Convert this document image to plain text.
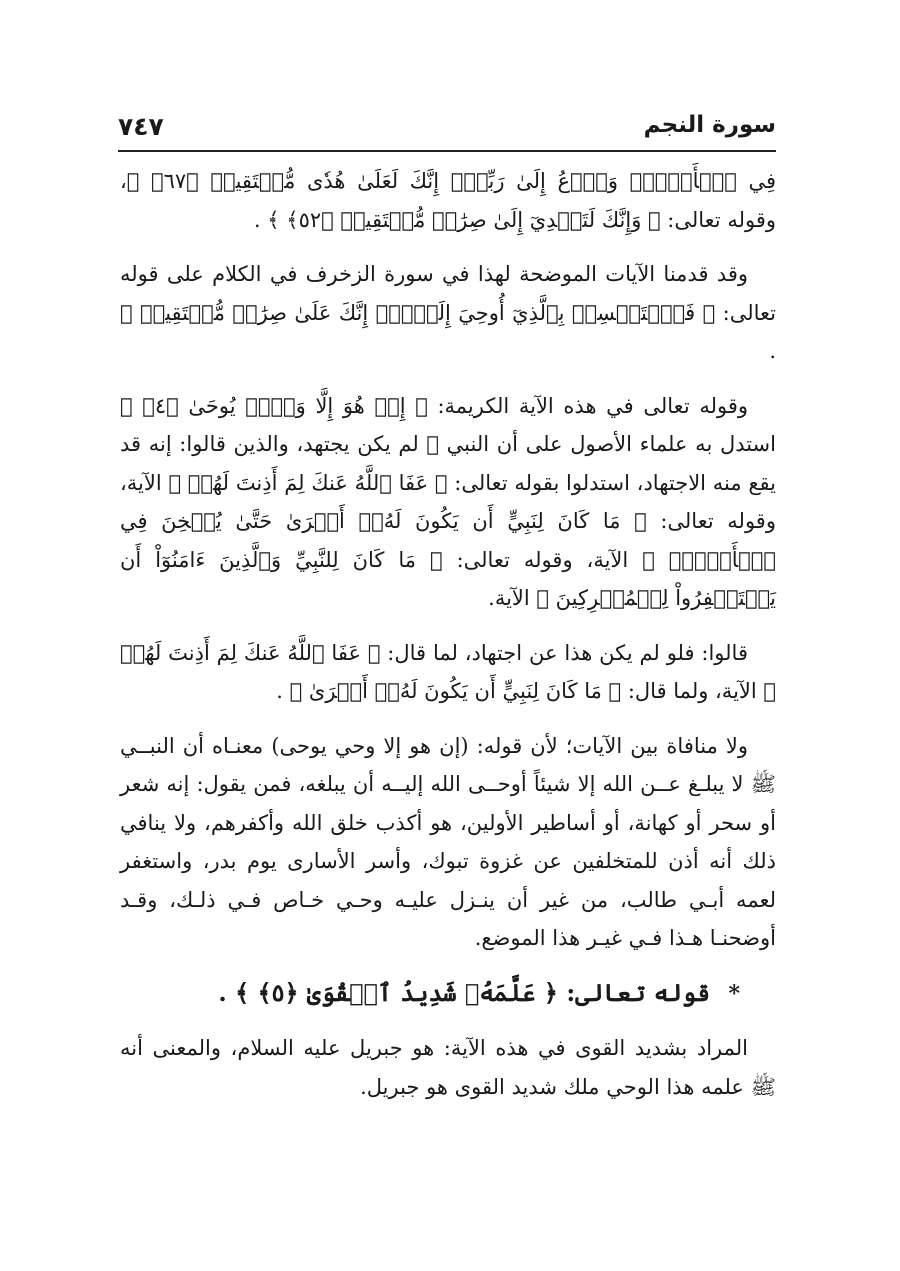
سورة النجم
٧٤٧

فِي ٱلۡأَمۡرِۖ وَٱدۡعُ إِلَىٰ رَبِّكَۖ إِنَّكَ لَعَلَىٰ هُدٗى مُّسۡتَقِيمٖ ﴿٦٧﴾ ﴾، وقوله تعالى: ﴿ وَإِنَّكَ لَتَهۡدِيٓ إِلَىٰ صِرَٰطٖ مُّسۡتَقِيمٖ ﴿٥٢﴾ ﴾ .

وقد قدمنا الآيات الموضحة لهذا في سورة الزخرف في الكلام على قوله تعالى: ﴿ فَٱسۡتَمۡسِكۡ بِٱلَّذِيٓ أُوحِيَ إِلَيۡكَۖ إِنَّكَ عَلَىٰ صِرَٰطٖ مُّسۡتَقِيمٖ ﴾ .

وقوله تعالى في هذه الآية الكريمة: ﴿ إِنۡ هُوَ إِلَّا وَحۡيٞ يُوحَىٰ ﴿٤﴾ ﴾ استدل به علماء الأصول على أن النبي ﷺ لم يكن يجتهد، والذين قالوا: إنه قد يقع منه الاجتهاد، استدلوا بقوله تعالى: ﴿ عَفَا ٱللَّهُ عَنكَ لِمَ أَذِنتَ لَهُمۡ ﴾ الآية، وقوله تعالى: ﴿ مَا كَانَ لِنَبِيٍّ أَن يَكُونَ لَهُۥٓ أَسۡرَىٰ حَتَّىٰ يُثۡخِنَ فِي ٱلۡأَرۡضِۚ ﴾ الآية، وقوله تعالى: ﴿ مَا كَانَ لِلنَّبِيِّ وَٱلَّذِينَ ءَامَنُوٓاْ أَن يَسۡتَغۡفِرُواْ لِلۡمُشۡرِكِينَ ﴾ الآية.

قالوا: فلو لم يكن هذا عن اجتهاد، لما قال: ﴿ عَفَا ٱللَّهُ عَنكَ لِمَ أَذِنتَ لَهُمۡ ﴾ الآية، ولما قال: ﴿ مَا كَانَ لِنَبِيٍّ أَن يَكُونَ لَهُۥٓ أَسۡرَىٰ ﴾ .

ولا منافاة بين الآيات؛ لأن قوله: (إن هو إلا وحي يوحى) معنـاه أن النبــي ﷺ لا يبلـغ عــن الله إلا شيئاً أوحــى الله إليــه أن يبلغه، فمن يقول: إنه شعر أو سحر أو كهانة، أو أساطير الأولين، هو أكذب خلق الله وأكفرهم، ولا ينافي ذلك أنه أذن للمتخلفين عن غزوة تبوك، وأسر الأسارى يوم بدر، واستغفر لعمه أبـي طالب، من غير أن ينـزل عليـه وحـي خـاص فـي ذلـك، وقـد أوضحنـا هـذا فـي غيـر هذا الموضع.

* قوله تعالى: ﴿ عَلَّمَهُۥ شَدِيدُ ٱلۡقُوَىٰ ﴿٥﴾ ﴾ .

المراد بشديد القوى في هذه الآية: هو جبريل عليه السلام، والمعنى أنه ﷺ علمه هذا الوحي ملك شديد القوى هو جبريل.
